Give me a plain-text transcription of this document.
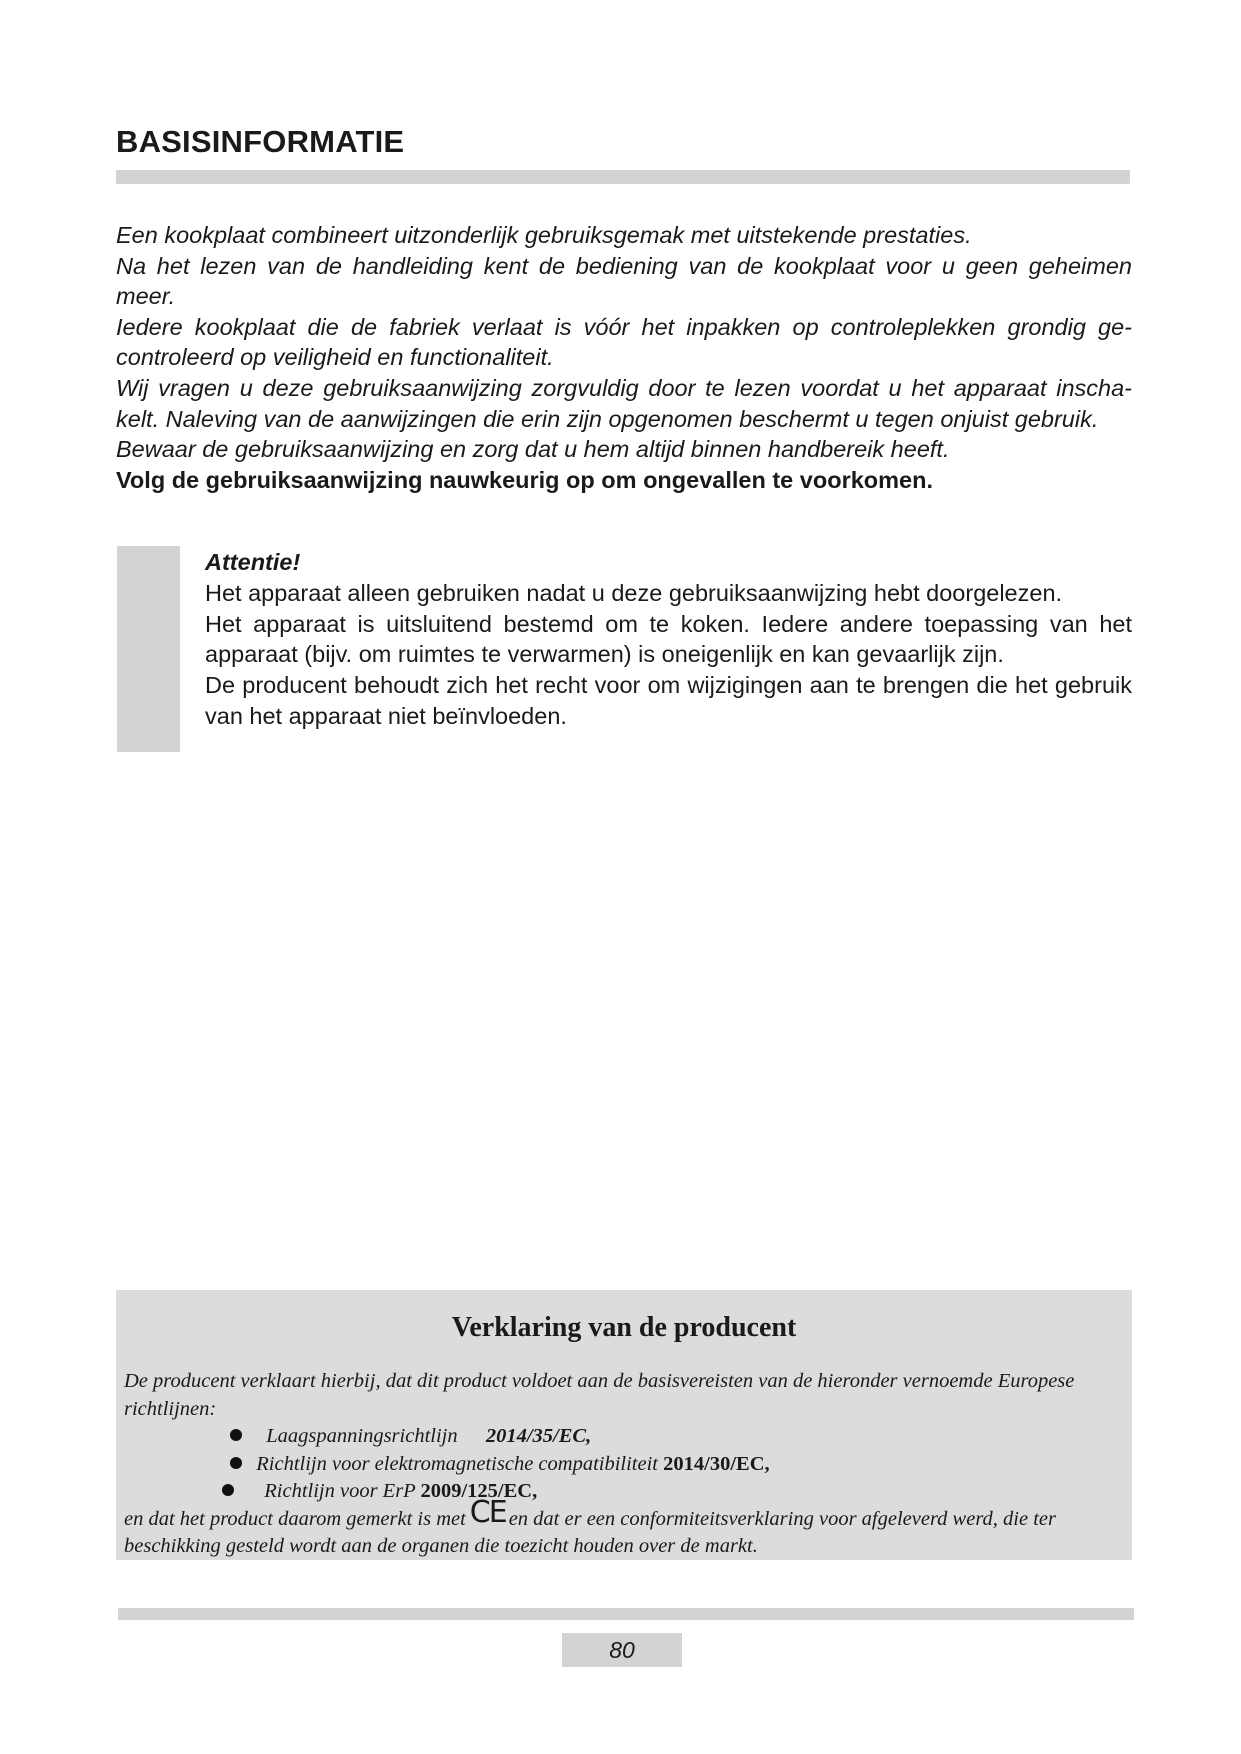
BASISINFORMATIE

Een kookplaat combineert uitzonderlijk gebruiksgemak met uitstekende prestaties.

Na het lezen van de handleiding kent de bediening van de kookplaat voor u geen geheimen meer.

Iedere kookplaat die de fabriek verlaat is vóór het inpakken op controleplekken grondig ge-controleerd op veiligheid en functionaliteit.

Wij vragen u deze gebruiksaanwijzing zorgvuldig door te lezen voordat u het apparaat inscha-kelt. Naleving van de aanwijzingen die erin zijn opgenomen beschermt u tegen onjuist gebruik.

Bewaar de gebruiksaanwijzing en zorg dat u hem altijd binnen handbereik heeft.

Volg de gebruiksaanwijzing nauwkeurig op om ongevallen te voorkomen.

Attentie!

Het apparaat alleen gebruiken nadat u deze gebruiksaanwijzing hebt doorgelezen.

Het apparaat is uitsluitend bestemd om te koken. Iedere andere toepassing van het apparaat (bijv. om ruimtes te verwarmen) is oneigenlijk en kan gevaarlijk zijn.

De producent behoudt zich het recht voor om wijzigingen aan te brengen die het gebruik van het apparaat niet beïnvloeden.

Verklaring van de producent

De producent verklaart hierbij, dat dit product voldoet aan de basisvereisten van de hieronder vernoemde Europese richtlijnen:

Laagspanningsrichtlijn 2014/35/EC,
Richtlijn voor elektromagnetische compatibiliteit 2014/30/EC,
Richtlijn voor ErP 2009/125/EC,

en dat het product daarom gemerkt is met CE en dat er een conformiteitsverklaring voor afgeleverd werd, die ter beschikking gesteld wordt aan de organen die toezicht houden over de markt.

80
